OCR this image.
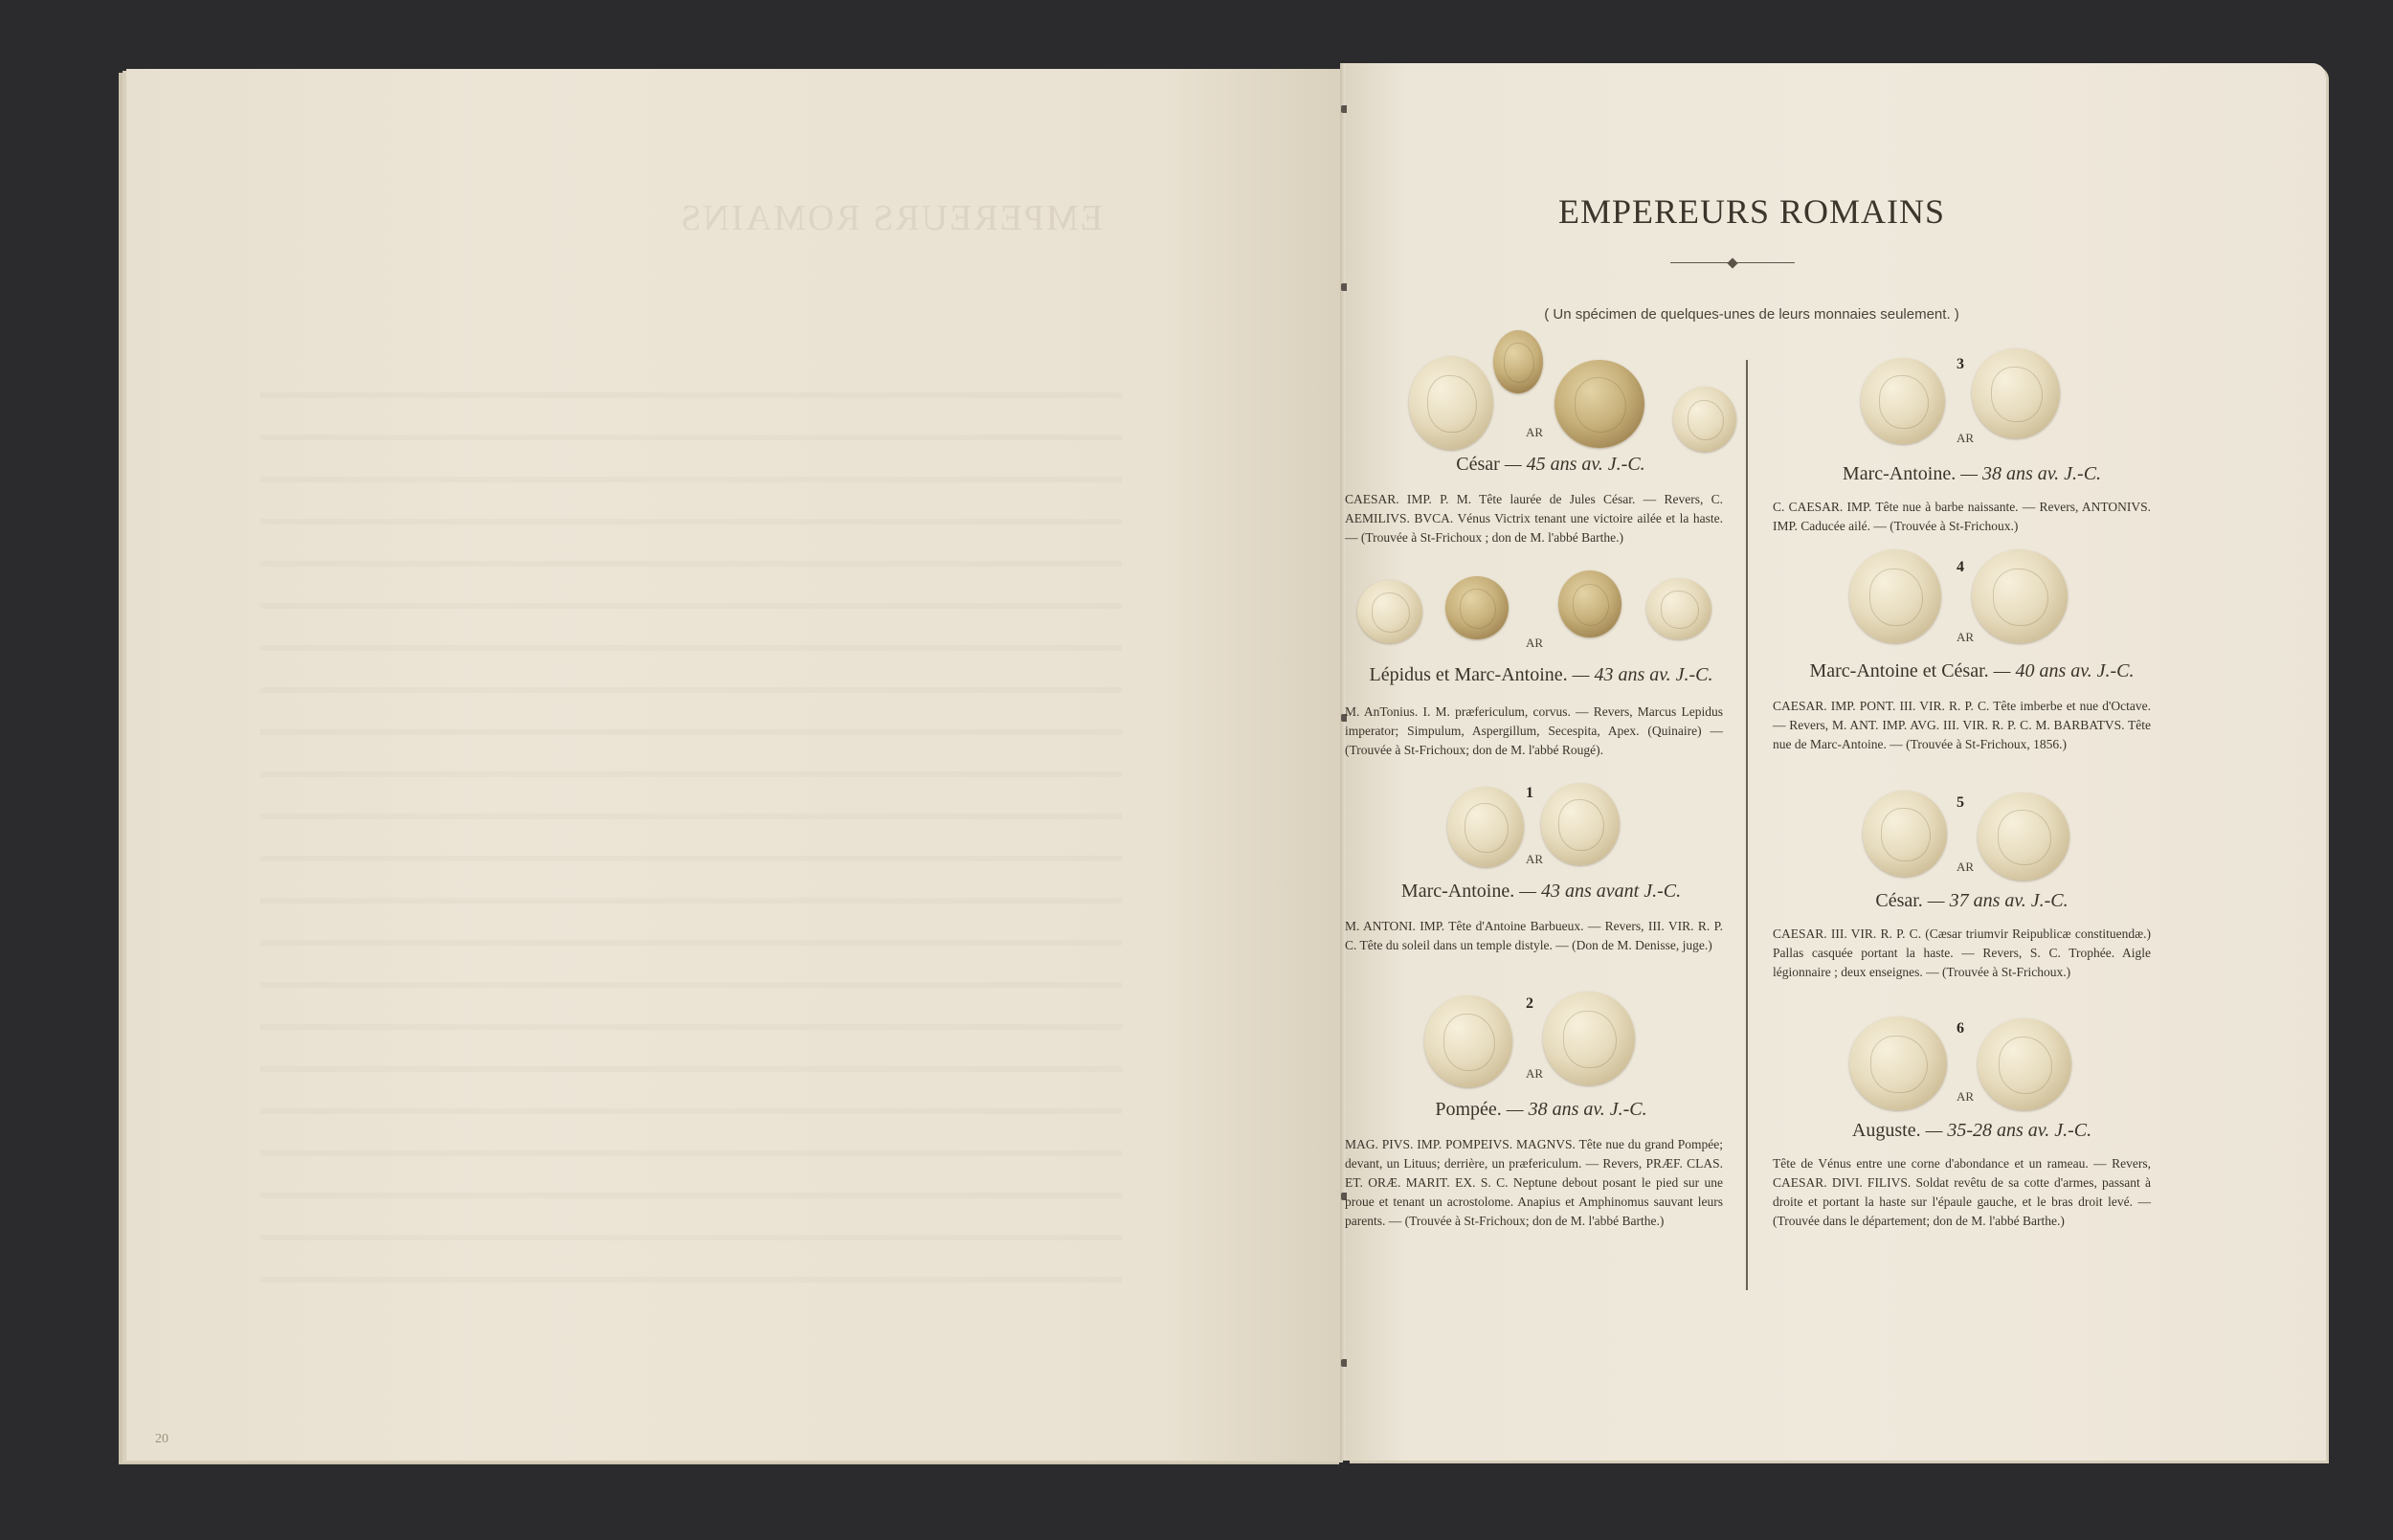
EMPEREURS ROMAINS
20
EMPEREURS ROMAINS
( Un spécimen de quelques-unes de leurs monnaies seulement. )
AR
César — 45 ans av. J.-C.
CAESAR. IMP. P. M. Tête laurée de Jules César. — Revers, C. AEMILIVS. BVCA. Vénus Victrix tenant une victoire ailée et la haste. — (Trouvée à St-Frichoux ; don de M. l'abbé Barthe.)
AR
Lépidus et Marc-Antoine. — 43 ans av. J.-C.
M. AnTonius. I. M. præfericulum, corvus. — Revers, Marcus Lepidus imperator; Simpulum, Aspergillum, Secespita, Apex. (Quinaire) — (Trouvée à St-Frichoux; don de M. l'abbé Rougé).
1
AR
Marc-Antoine. — 43 ans avant J.-C.
M. ANTONI. IMP. Tête d'Antoine Barbueux. — Revers, III. VIR. R. P. C. Tête du soleil dans un temple distyle. — (Don de M. Denisse, juge.)
2
AR
Pompée. — 38 ans av. J.-C.
MAG. PIVS. IMP. POMPEIVS. MAGNVS. Tête nue du grand Pompée; devant, un Lituus; derrière, un præfericulum. — Revers, PRÆF. CLAS. ET. ORÆ. MARIT. EX. S. C. Neptune debout posant le pied sur une proue et tenant un acrostolome. Anapius et Amphinomus sauvant leurs parents. — (Trouvée à St-Frichoux; don de M. l'abbé Barthe.)
3
AR
Marc-Antoine. — 38 ans av. J.-C.
C. CAESAR. IMP. Tête nue à barbe naissante. — Revers, ANTONIVS. IMP. Caducée ailé. — (Trouvée à St-Frichoux.)
4
AR
Marc-Antoine et César. — 40 ans av. J.-C.
CAESAR. IMP. PONT. III. VIR. R. P. C. Tête imberbe et nue d'Octave. — Revers, M. ANT. IMP. AVG. III. VIR. R. P. C. M. BARBATVS. Tête nue de Marc-Antoine. — (Trouvée à St-Frichoux, 1856.)
5
AR
César. — 37 ans av. J.-C.
CAESAR. III. VIR. R. P. C. (Cæsar triumvir Reipublicæ constituendæ.) Pallas casquée portant la haste. — Revers, S. C. Trophée. Aigle légionnaire ; deux enseignes. — (Trouvée à St-Frichoux.)
6
AR
Auguste. — 35-28 ans av. J.-C.
Tête de Vénus entre une corne d'abondance et un rameau. — Revers, CAESAR. DIVI. FILIVS. Soldat revêtu de sa cotte d'armes, passant à droite et portant la haste sur l'épaule gauche, et le bras droit levé. — (Trouvée dans le département; don de M. l'abbé Barthe.)
